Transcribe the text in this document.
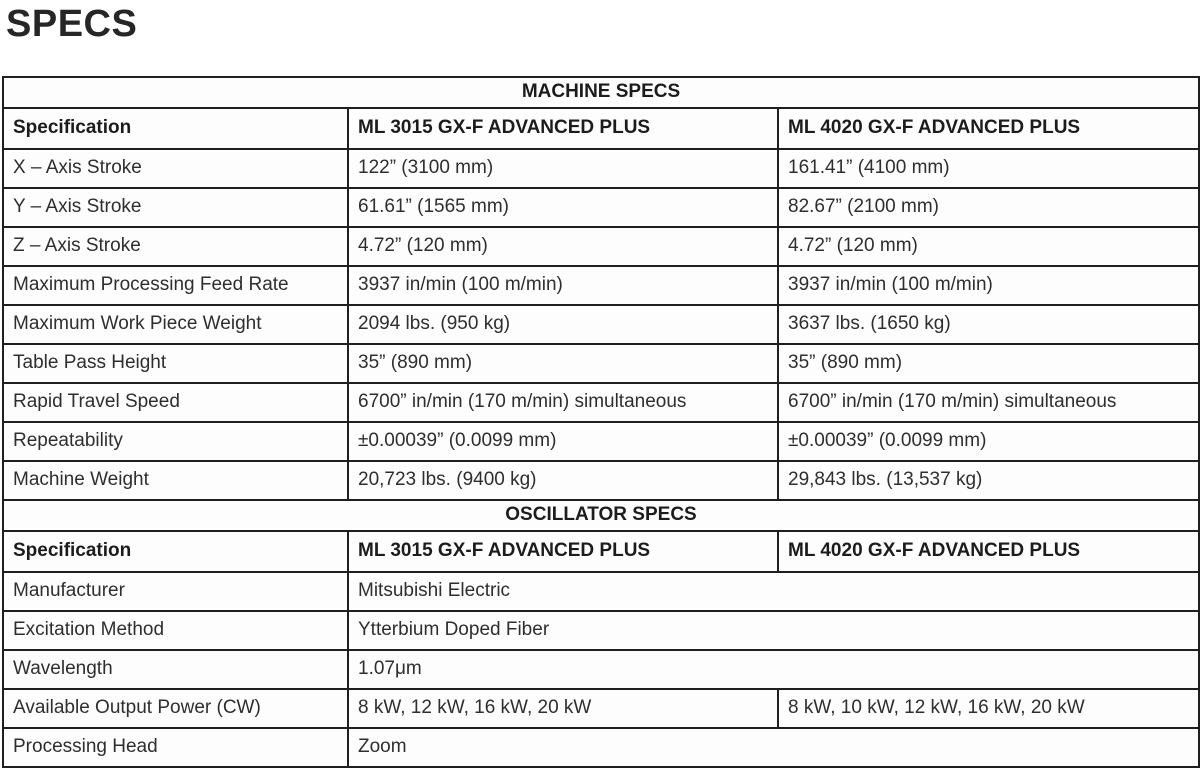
SPECS
MACHINE SPECS		
Specification	ML 3015 GX-F ADVANCED PLUS	ML 4020 GX-F ADVANCED PLUS
X – Axis Stroke	122” (3100 mm)	161.41” (4100 mm)
Y – Axis Stroke	61.61” (1565 mm)	82.67” (2100 mm)
Z – Axis Stroke	4.72” (120 mm)	4.72” (120 mm)
Maximum Processing Feed Rate	3937 in/min (100 m/min)	3937 in/min (100 m/min)
Maximum Work Piece Weight	2094 lbs. (950 kg)	3637 lbs. (1650 kg)
Table Pass Height	35” (890 mm)	35” (890 mm)
Rapid Travel Speed	6700” in/min (170 m/min) simultaneous	6700” in/min (170 m/min) simultaneous
Repeatability	±0.00039” (0.0099 mm)	±0.00039” (0.0099 mm)
Machine Weight	20,723 lbs. (9400 kg)	29,843 lbs. (13,537 kg)
OSCILLATOR SPECS		
Specification	ML 3015 GX-F ADVANCED PLUS	ML 4020 GX-F ADVANCED PLUS
Manufacturer	Mitsubishi Electric	
Excitation Method	Ytterbium Doped Fiber	
Wavelength	1.07μm	
Available Output Power (CW)	8 kW, 12 kW, 16 kW, 20 kW	8 kW, 10 kW, 12 kW, 16 kW, 20 kW
Processing Head	Zoom	
